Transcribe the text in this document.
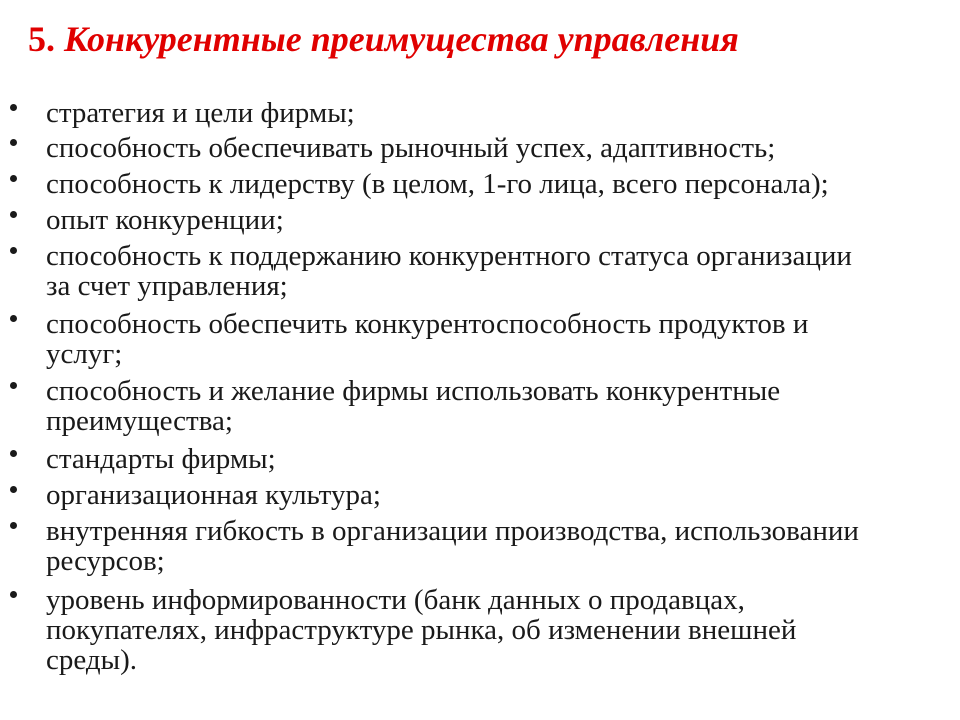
5. Конкурентные преимущества управления
стратегия и цели фирмы;
способность обеспечивать рыночный успех, адаптивность;
способность к лидерству (в целом, 1-го лица, всего персонала);
опыт конкуренции;
способность к поддержанию конкурентного статуса организации
за счет управления;
способность обеспечить конкурентоспособность продуктов и
услуг;
способность и желание фирмы использовать конкурентные
преимущества;
стандарты фирмы;
организационная культура;
внутренняя гибкость в организации производства, использовании
ресурсов;
уровень информированности (банк данных о продавцах,
покупателях, инфраструктуре рынка, об изменении внешней
среды).
